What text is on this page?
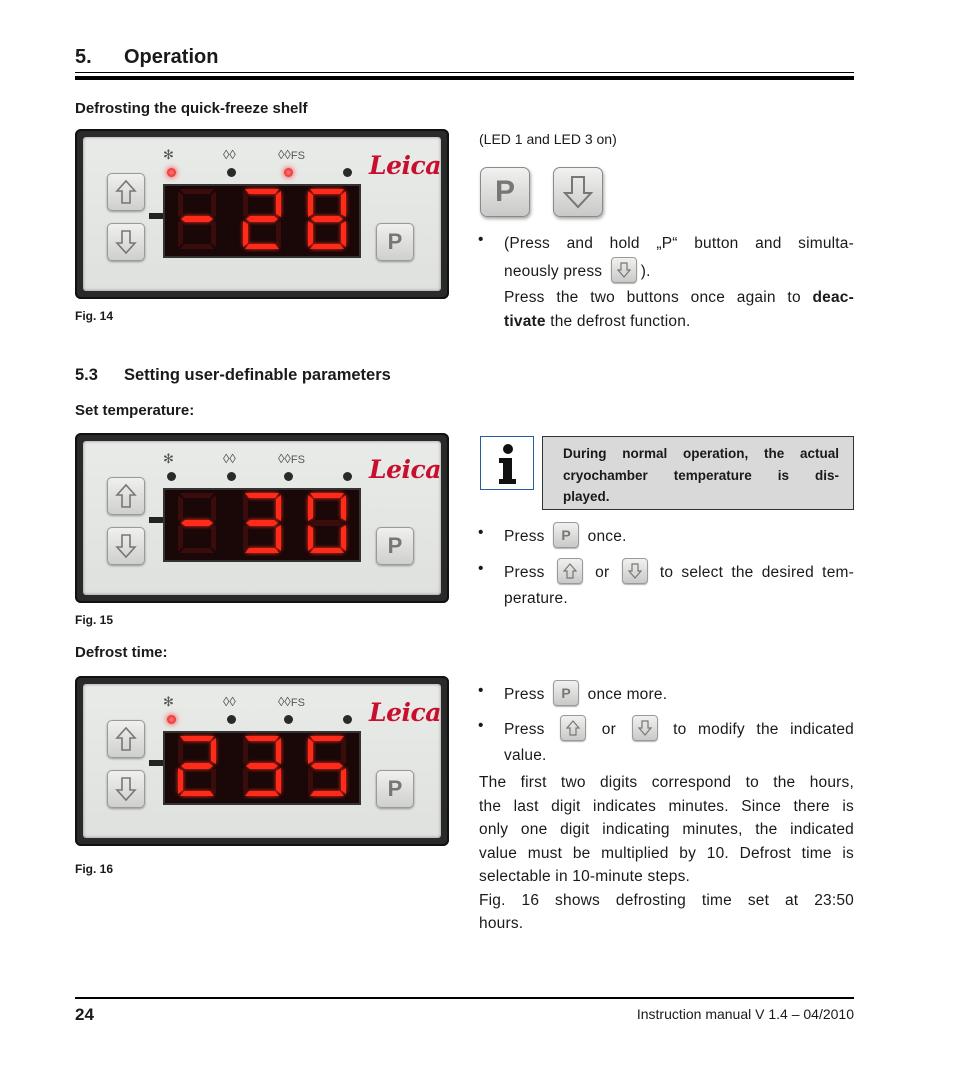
5. Operation
Defrosting the quick-freeze shelf
✻	◊◊	◊◊FS	Leica
P
Fig. 14
(LED 1 and LED 3 on)
P
• (Press and hold „P“ button and simulta-
neously press ).
Press the two buttons once again to deac-
tivate the defrost function.
5.3 Setting user-definable parameters
Set temperature:
✻	◊◊	◊◊FS	Leica
P
Fig. 15
During normal operation, the actual
cryochamber temperature is dis-
played.
• Press P once.
• Press	or	to select the desired tem-
perature.
Defrost time:
✻	◊◊	◊◊FS	Leica
P
Fig. 16
• Press P once more.
• Press	or	to modify the indicated
value.
The first two digits correspond to the hours,
the last digit indicates minutes. Since there is
only one digit indicating minutes, the indicated
value must be multiplied by 10. Defrost time is
selectable in 10-minute steps.
Fig. 16 shows defrosting time set at 23:50
hours.
24	Instruction manual V 1.4 – 04/2010
